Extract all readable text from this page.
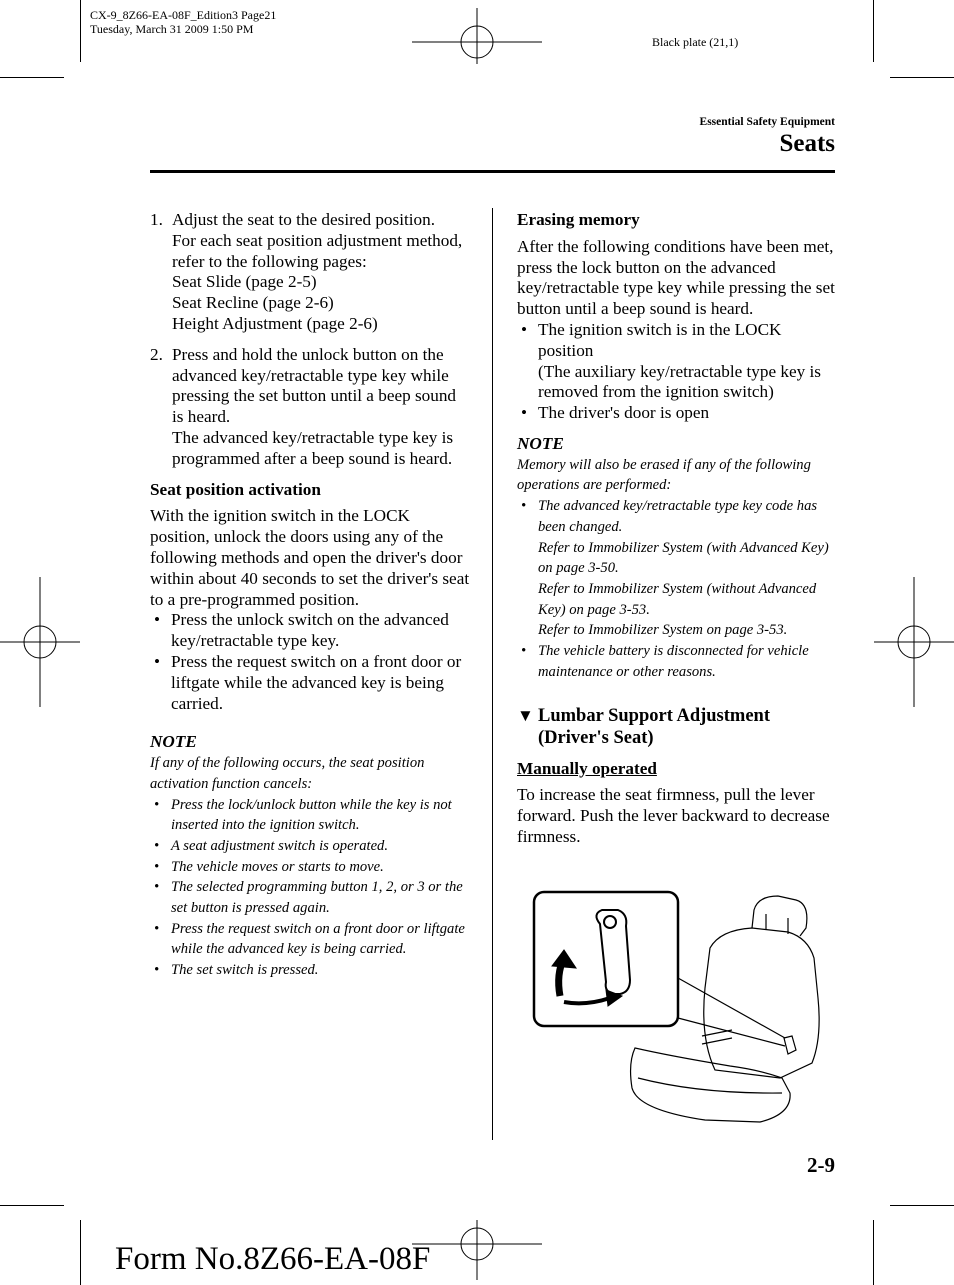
CX-9_8Z66-EA-08F_Edition3 Page21
Tuesday, March 31 2009 1:50 PM
Black plate (21,1)
Essential Safety Equipment
Seats
1. Adjust the seat to the desired position.
For each seat position adjustment method, refer to the following pages:
Seat Slide (page 2-5)
Seat Recline (page 2-6)
Height Adjustment (page 2-6)
2. Press and hold the unlock button on the advanced key/retractable type key while pressing the set button until a beep sound is heard.
The advanced key/retractable type key is programmed after a beep sound is heard.
Seat position activation

With the ignition switch in the LOCK position, unlock the doors using any of the following methods and open the driver's door within about 40 seconds to set the driver's seat to a pre-programmed position.

• Press the unlock switch on the advanced key/retractable type key.
• Press the request switch on a front door or liftgate while the advanced key is being carried.
NOTE
If any of the following occurs, the seat position activation function cancels:
• Press the lock/unlock button while the key is not inserted into the ignition switch.
• A seat adjustment switch is operated.
• The vehicle moves or starts to move.
• The selected programming button 1, 2, or 3 or the set button is pressed again.
• Press the request switch on a front door or liftgate while the advanced key is being carried.
• The set switch is pressed.
Erasing memory

After the following conditions have been met, press the lock button on the advanced key/retractable type key while pressing the set button until a beep sound is heard.

• The ignition switch is in the LOCK position
(The auxiliary key/retractable type key is removed from the ignition switch)
• The driver's door is open
NOTE
Memory will also be erased if any of the following operations are performed:
• The advanced key/retractable type key code has been changed.
Refer to Immobilizer System (with Advanced Key) on page 3-50.
Refer to Immobilizer System (without Advanced Key) on page 3-53.
Refer to Immobilizer System on page 3-53.
• The vehicle battery is disconnected for vehicle maintenance or other reasons.
▼ Lumbar Support Adjustment (Driver's Seat)
Manually operated

To increase the seat firmness, pull the lever forward. Push the lever backward to decrease firmness.

2-9
Form No.8Z66-EA-08F
